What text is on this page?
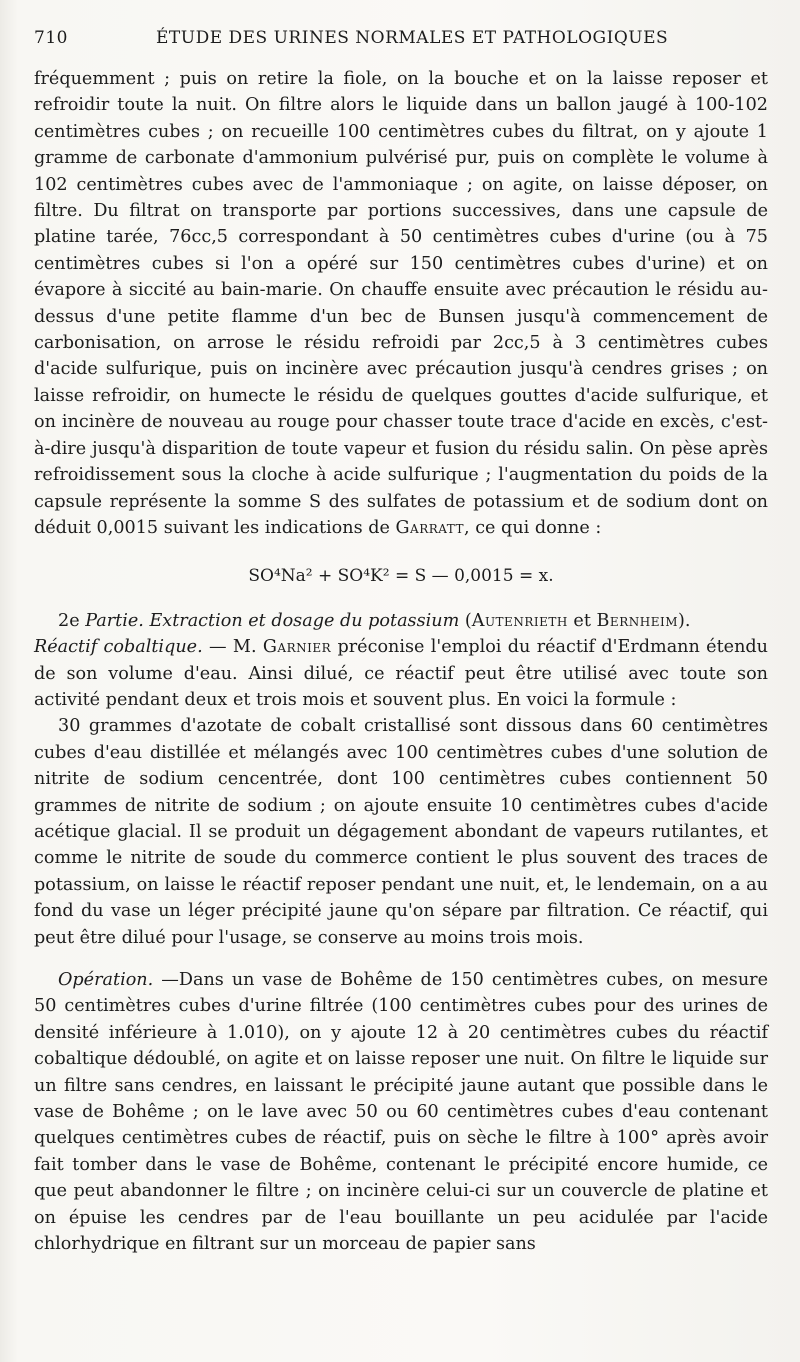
710	ÉTUDE DES URINES NORMALES ET PATHOLOGIQUES

fréquemment ; puis on retire la fiole, on la bouche et on la laisse reposer et refroidir toute la nuit. On filtre alors le liquide dans un ballon jaugé à 100-102 centimètres cubes ; on recueille 100 centimètres cubes du filtrat, on y ajoute 1 gramme de carbonate d'ammonium pulvérisé pur, puis on complète le volume à 102 centimètres cubes avec de l'ammoniaque ; on agite, on laisse déposer, on filtre. Du filtrat on transporte par portions successives, dans une capsule de platine tarée, 76cc,5 correspondant à 50 centimètres cubes d'urine (ou à 75 centimètres cubes si l'on a opéré sur 150 centimètres cubes d'urine) et on évapore à siccité au bain-marie. On chauffe ensuite avec précaution le résidu au-dessus d'une petite flamme d'un bec de Bunsen jusqu'à commencement de carbonisation, on arrose le résidu refroidi par 2cc,5 à 3 centimètres cubes d'acide sulfurique, puis on incinère avec précaution jusqu'à cendres grises ; on laisse refroidir, on humecte le résidu de quelques gouttes d'acide sulfurique, et on incinère de nouveau au rouge pour chasser toute trace d'acide en excès, c'est-à-dire jusqu'à disparition de toute vapeur et fusion du résidu salin. On pèse après refroidissement sous la cloche à acide sulfurique ; l'augmentation du poids de la capsule représente la somme S des sulfates de potassium et de sodium dont on déduit 0,0015 suivant les indications de Garratt, ce qui donne :

SO⁴Na² + SO⁴K² = S — 0,0015 = x.

2e Partie. Extraction et dosage du potassium (Autenrieth et Bernheim).
Réactif cobaltique. — M. Garnier préconise l'emploi du réactif d'Erdmann étendu de son volume d'eau. Ainsi dilué, ce réactif peut être utilisé avec toute son activité pendant deux et trois mois et souvent plus. En voici la formule :

30 grammes d'azotate de cobalt cristallisé sont dissous dans 60 centimètres cubes d'eau distillée et mélangés avec 100 centimètres cubes d'une solution de nitrite de sodium cencentrée, dont 100 centimètres cubes contiennent 50 grammes de nitrite de sodium ; on ajoute ensuite 10 centimètres cubes d'acide acétique glacial. Il se produit un dégagement abondant de vapeurs rutilantes, et comme le nitrite de soude du commerce contient le plus souvent des traces de potassium, on laisse le réactif reposer pendant une nuit, et, le lendemain, on a au fond du vase un léger précipité jaune qu'on sépare par filtration. Ce réactif, qui peut être dilué pour l'usage, se conserve au moins trois mois.

Opération. —Dans un vase de Bohême de 150 centimètres cubes, on mesure 50 centimètres cubes d'urine filtrée (100 centimètres cubes pour des urines de densité inférieure à 1.010), on y ajoute 12 à 20 centimètres cubes du réactif cobaltique dédoublé, on agite et on laisse reposer une nuit. On filtre le liquide sur un filtre sans cendres, en laissant le précipité jaune autant que possible dans le vase de Bohême ; on le lave avec 50 ou 60 centimètres cubes d'eau contenant quelques centimètres cubes de réactif, puis on sèche le filtre à 100° après avoir fait tomber dans le vase de Bohême, contenant le précipité encore humide, ce que peut abandonner le filtre ; on incinère celui-ci sur un couvercle de platine et on épuise les cendres par de l'eau bouillante un peu acidulée par l'acide chlorhydrique en filtrant sur un morceau de papier sans
